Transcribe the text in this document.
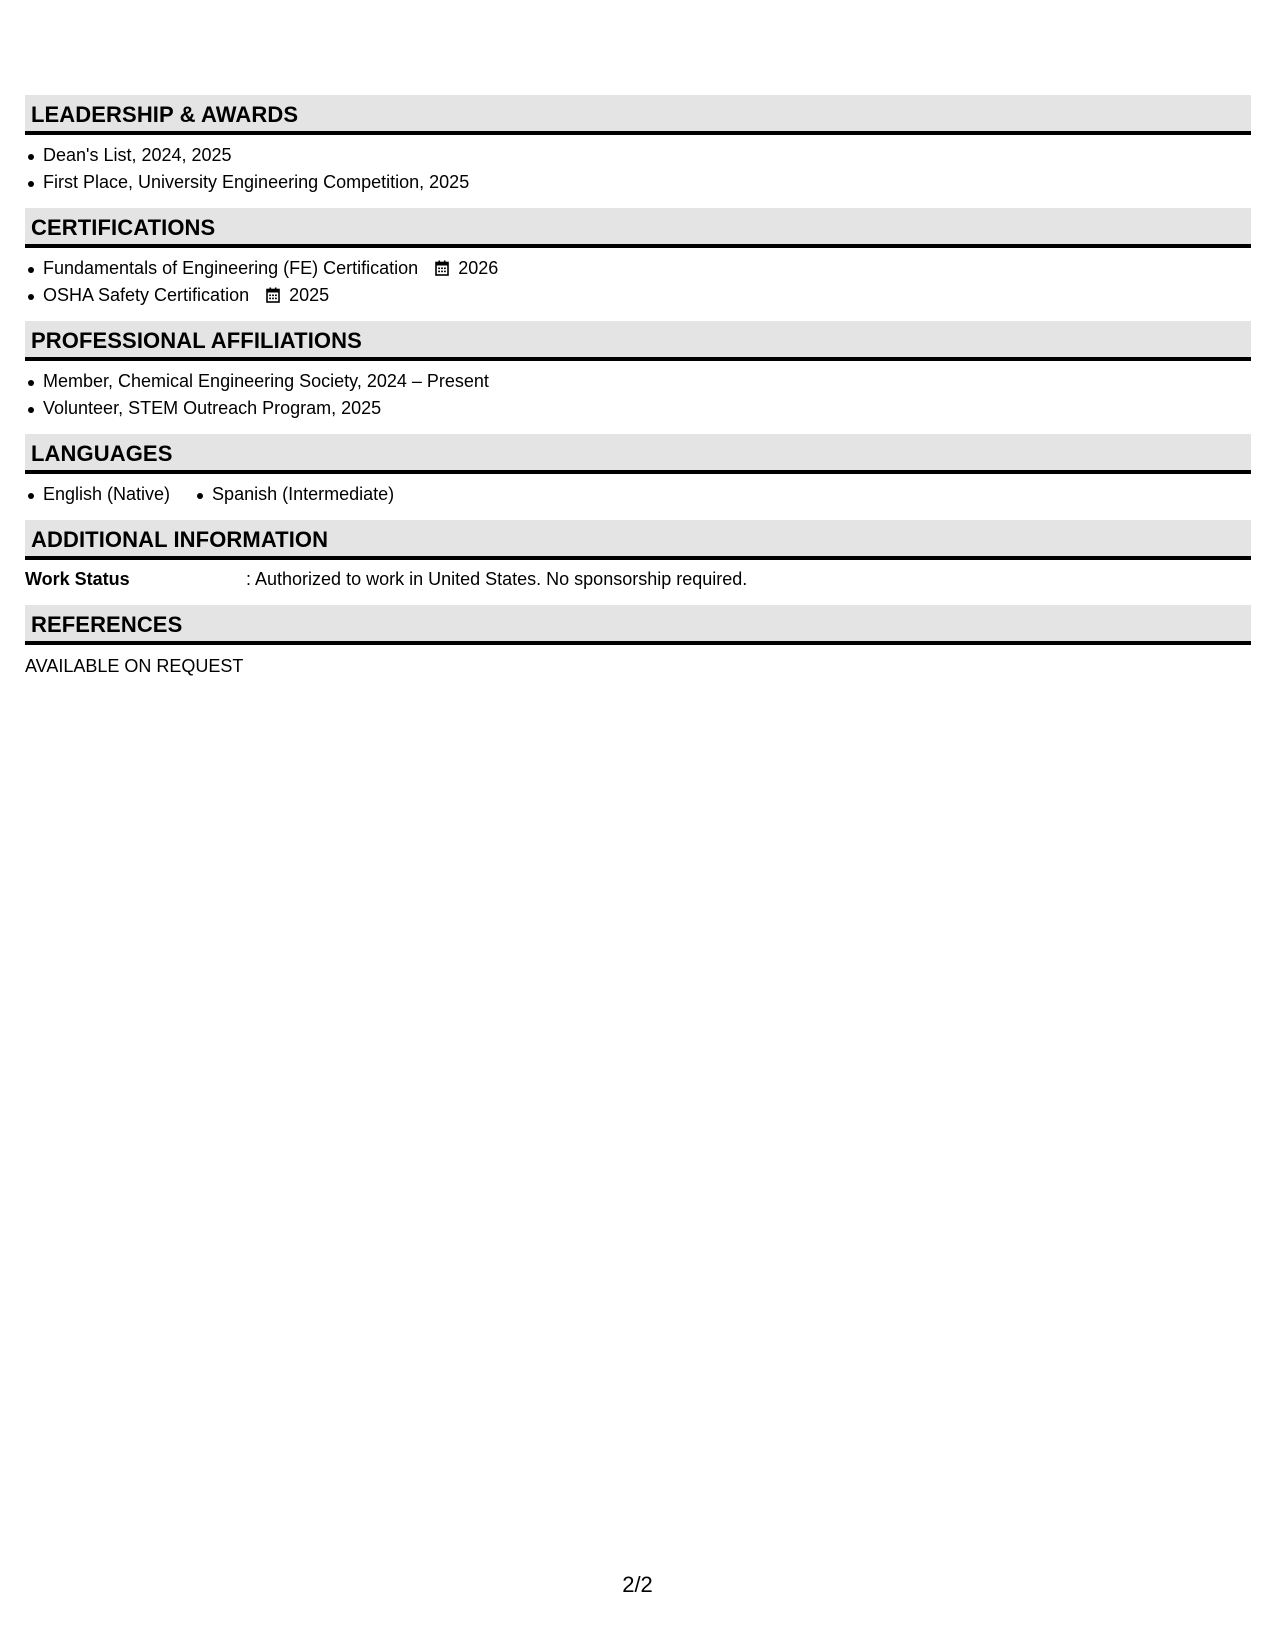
LEADERSHIP & AWARDS
Dean's List, 2024, 2025
First Place, University Engineering Competition, 2025
CERTIFICATIONS
Fundamentals of Engineering (FE) Certification 2026
OSHA Safety Certification 2025
PROFESSIONAL AFFILIATIONS
Member, Chemical Engineering Society, 2024 – Present
Volunteer, STEM Outreach Program, 2025
LANGUAGES
English (Native)	Spanish (Intermediate)
ADDITIONAL INFORMATION
Work Status	: Authorized to work in United States. No sponsorship required.
REFERENCES
AVAILABLE ON REQUEST
2/2
